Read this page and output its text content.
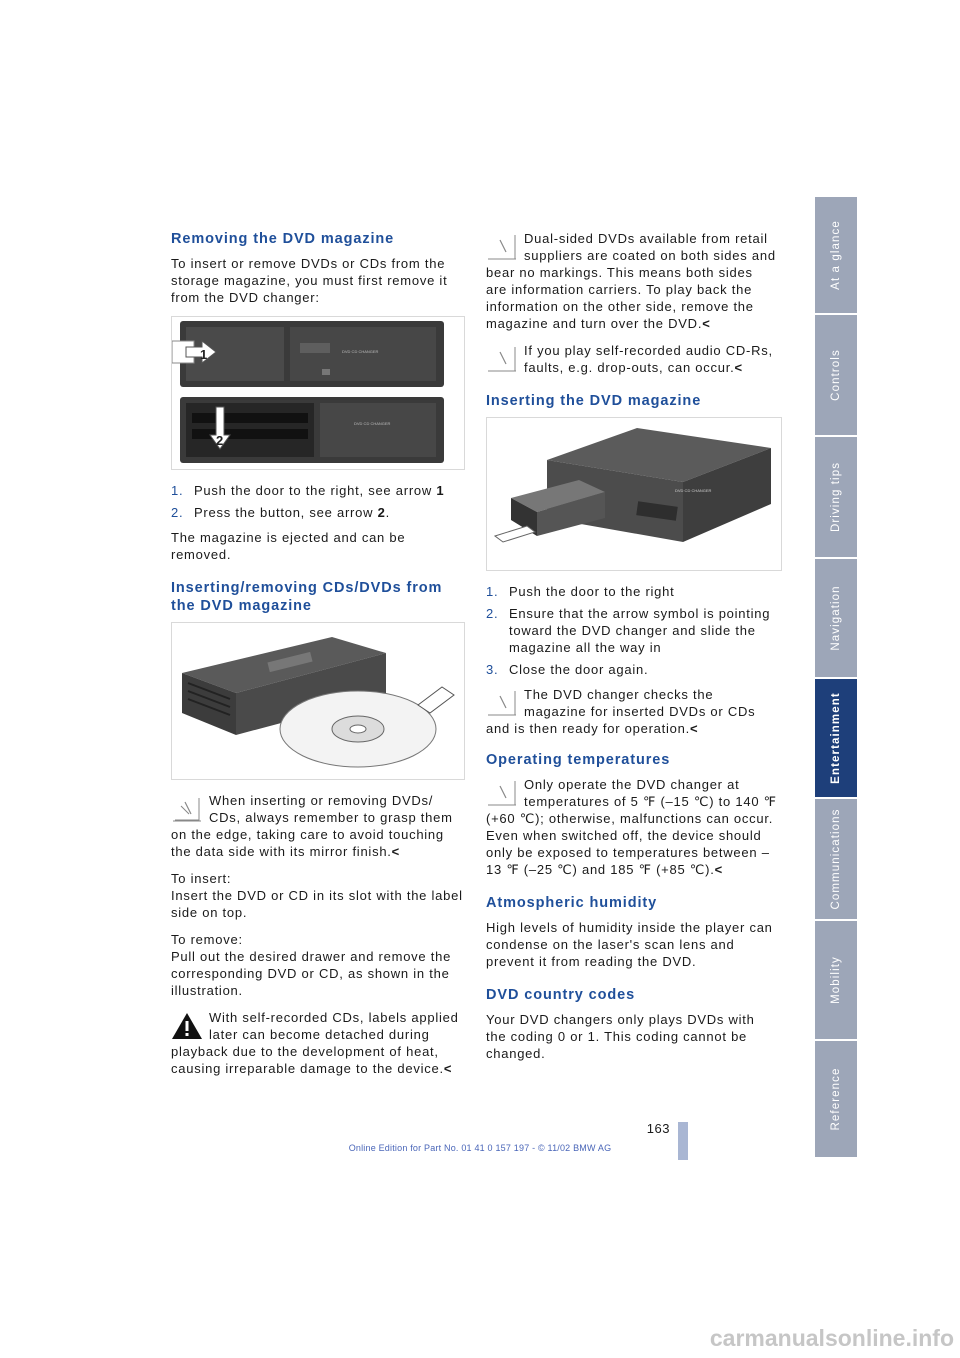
Removing the DVD magazine

To insert or remove DVDs or CDs from the storage magazine, you must first remove it from the DVD changer:

DVD CD CHANGER
1
DVD CD CHANGER
2
1. Push the door to the right, see arrow 1
2. Press the button, see arrow 2.

The magazine is ejected and can be removed.

Inserting/removing CDs/DVDs from the DVD magazine
When inserting or removing DVDs/ CDs, always remember to grasp them on the edge, taking care to avoid touching the data side with its mirror finish.<

To insert:
Insert the DVD or CD in its slot with the label side on top.

To remove:
Pull out the desired drawer and remove the corresponding DVD or CD, as shown in the illustration.

With self-recorded CDs, labels applied later can become detached during playback due to the development of heat, causing irreparable damage to the device.<
Dual-sided DVDs available from retail suppliers are coated on both sides and bear no markings. This means both sides are information carriers. To play back the information on the other side, remove the magazine and turn over the DVD.<
If you play self-recorded audio CD-Rs, faults, e.g. drop-outs, can occur.<
Inserting the DVD magazine
DVD CD CHANGER
1. Push the door to the right
2. Ensure that the arrow symbol is pointing toward the DVD changer and slide the magazine all the way in
3. Close the door again.
The DVD changer checks the magazine for inserted DVDs or CDs and is then ready for operation.<
Operating temperatures
Only operate the DVD changer at temperatures of 5 ℉ (–15 ℃) to 140 ℉ (+60 ℃); otherwise, malfunctions can occur.
Even when switched off, the device should only be exposed to temperatures between –13 ℉ (–25 ℃) and 185 ℉ (+85 ℃).<
Atmospheric humidity

High levels of humidity inside the player can condense on the laser's scan lens and prevent it from reading the DVD.

DVD country codes

Your DVD changers only plays DVDs with the coding 0 or 1. This coding cannot be changed.

At a glance
Controls
Driving tips
Navigation
Entertainment
Communications
Mobility
Reference
163
Online Edition for Part No. 01 41 0 157 197 - © 11/02 BMW AG
carmanualsonline.info
